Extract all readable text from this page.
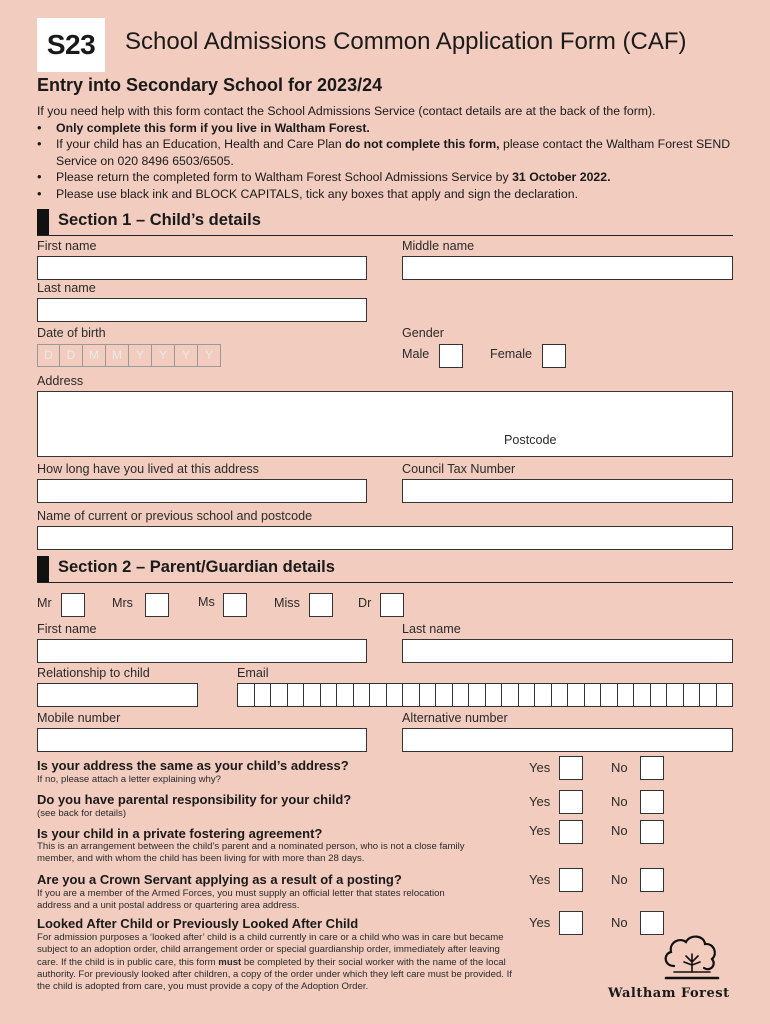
S23	School Admissions Common Application Form (CAF)
Entry into Secondary School for 2023/24
If you need help with this form contact the School Admissions Service (contact details are at the back of the form).
• Only complete this form if you live in Waltham Forest.
• If your child has an Education, Health and Care Plan do not complete this form, please contact the Waltham Forest SEND Service on 020 8496 6503/6505.
• Please return the completed form to Waltham Forest School Admissions Service by 31 October 2022.
• Please use black ink and BLOCK CAPITALS, tick any boxes that apply and sign the declaration.
Section 1 – Child’s details
First name	Middle name
Last name
Date of birth
D	D	M	M	Y	Y	Y	Y
Gender
Male	Female
Address
Postcode
How long have you lived at this address	Council Tax Number
Name of current or previous school and postcode
Section 2 – Parent/Guardian details
Mr	Mrs	Ms	Miss	Dr
First name	Last name
Relationship to child	Email
Mobile number	Alternative number
Is your address the same as your child’s address?
If no, please attach a letter explaining why?
Yes	No
Do you have parental responsibility for your child?
(see back for details)
Yes	No
Is your child in a private fostering agreement?
This is an arrangement between the child’s parent and a nominated person, who is not a close family member, and with whom the child has been living for with more than 28 days.
Yes	No
Are you a Crown Servant applying as a result of a posting?
If you are a member of the Armed Forces, you must supply an official letter that states relocation address and a unit postal address or quartering area address.
Yes	No
Looked After Child or Previously Looked After Child
For admission purposes a ‘looked after’ child is a child currently in care or a child who was in care but became subject to an adoption order, child arrangement order or special guardianship order, immediately after leaving care. If the child is in public care, this form must be completed by their social worker with the name of the local authority. For previously looked after children, a copy of the order under which they left care must be provided. If the child is adopted from care, you must provide a copy of the Adoption Order.
Yes	No
Waltham Forest
